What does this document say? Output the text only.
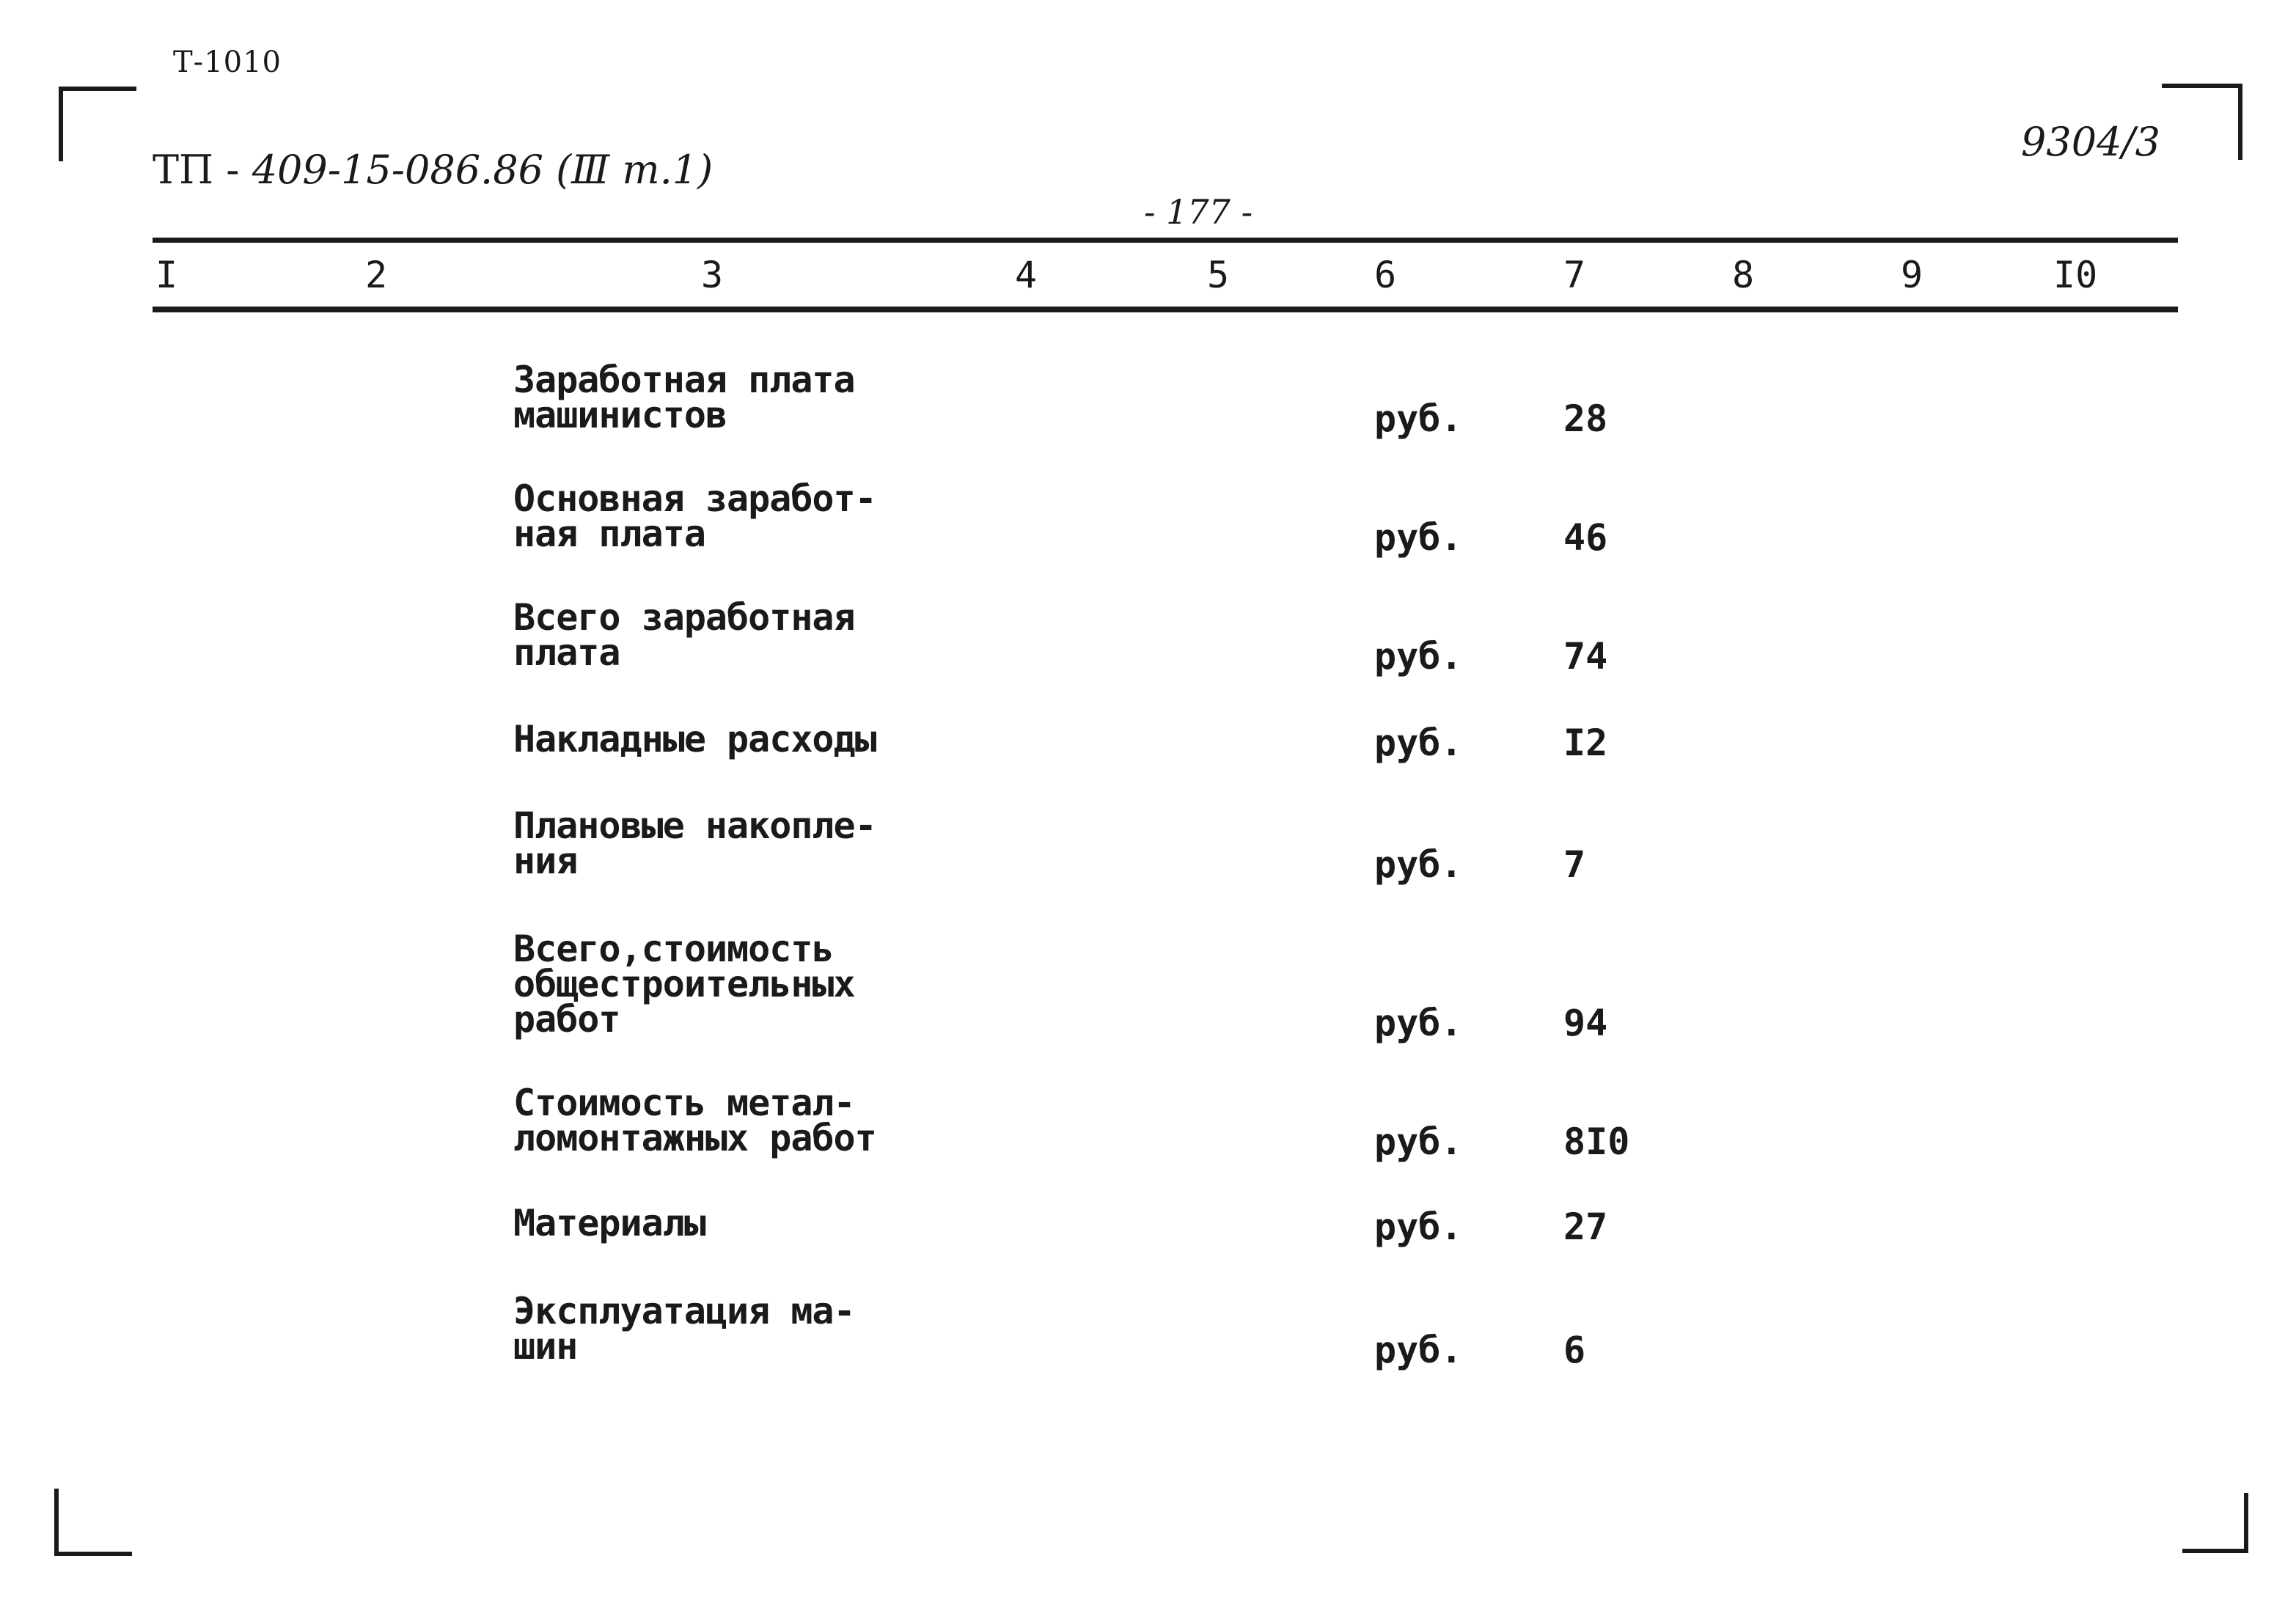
Т-1010
ТП - 409-15-086.86 (Ⅲ т.1)
- 177 -
9304/3
I	2	3	4	5	6	7	8	9	I0
Заработная плата
машинистов	руб.	28
Основная заработ-
ная плата	руб.	46
Всего заработная
плата	руб.	74
Накладные расходы	руб.	I2
Плановые накопле-
ния	руб.	7
Всего,стоимость
общестроительных
работ	руб.	94
Стоимость метал-
ломонтажных работ	руб.	8I0
Материалы	руб.	27
Эксплуатация ма-
шин	руб.	6
